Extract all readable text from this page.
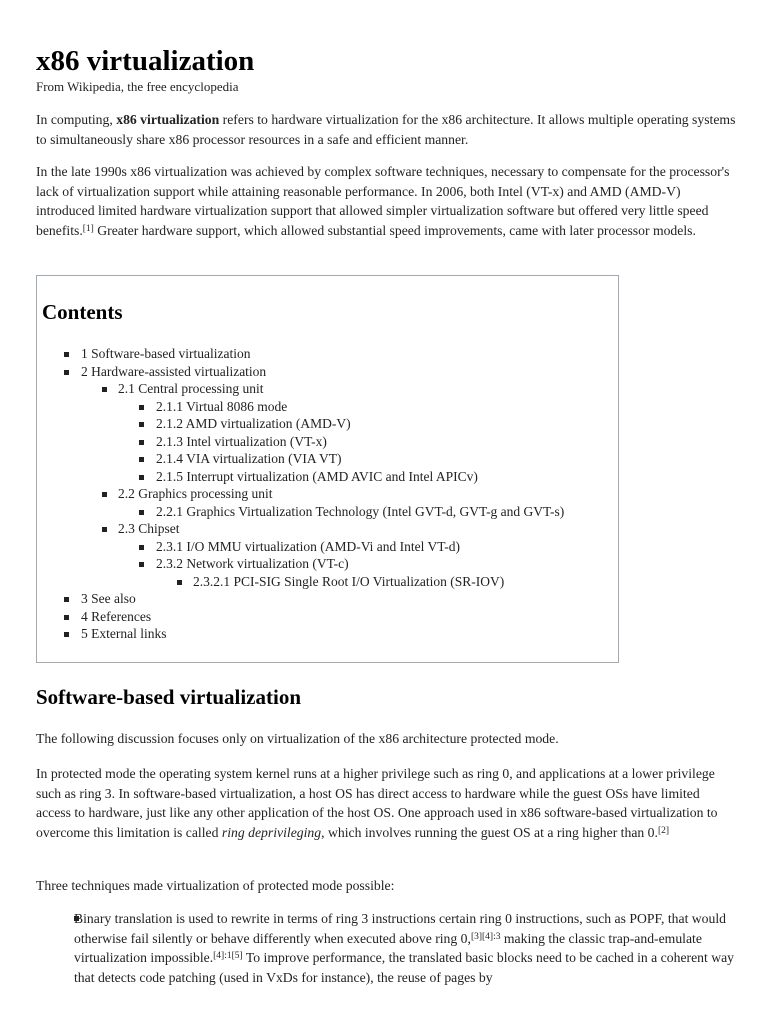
x86 virtualization
From Wikipedia, the free encyclopedia

In computing, x86 virtualization refers to hardware virtualization for the x86 architecture. It allows multiple operating systems to simultaneously share x86 processor resources in a safe and efficient manner.

In the late 1990s x86 virtualization was achieved by complex software techniques, necessary to compensate for the processor's lack of virtualization support while attaining reasonable performance. In 2006, both Intel (VT-x) and AMD (AMD-V) introduced limited hardware virtualization support that allowed simpler virtualization software but offered very little speed benefits.[1] Greater hardware support, which allowed substantial speed improvements, came with later processor models.

Contents
1 Software-based virtualization
2 Hardware-assisted virtualization
2.1 Central processing unit
2.1.1 Virtual 8086 mode
2.1.2 AMD virtualization (AMD-V)
2.1.3 Intel virtualization (VT-x)
2.1.4 VIA virtualization (VIA VT)
2.1.5 Interrupt virtualization (AMD AVIC and Intel APICv)
2.2 Graphics processing unit
2.2.1 Graphics Virtualization Technology (Intel GVT-d, GVT-g and GVT-s)
2.3 Chipset
2.3.1 I/O MMU virtualization (AMD-Vi and Intel VT-d)
2.3.2 Network virtualization (VT-c)
2.3.2.1 PCI-SIG Single Root I/O Virtualization (SR-IOV)
3 See also
4 References
5 External links
Software-based virtualization

The following discussion focuses only on virtualization of the x86 architecture protected mode.

In protected mode the operating system kernel runs at a higher privilege such as ring 0, and applications at a lower privilege such as ring 3. In software-based virtualization, a host OS has direct access to hardware while the guest OSs have limited access to hardware, just like any other application of the host OS. One approach used in x86 software-based virtualization to overcome this limitation is called ring deprivileging, which involves running the guest OS at a ring higher than 0.[2]

Three techniques made virtualization of protected mode possible:

Binary translation is used to rewrite in terms of ring 3 instructions certain ring 0 instructions, such as POPF, that would otherwise fail silently or behave differently when executed above ring 0,$^{[3][4]:3}$ making the classic trap-and-emulate virtualization impossible.[4]:1[5] To improve performance, the translated basic blocks need to be cached in a coherent way that detects code patching (used in VxDs for instance), the reuse of pages by
